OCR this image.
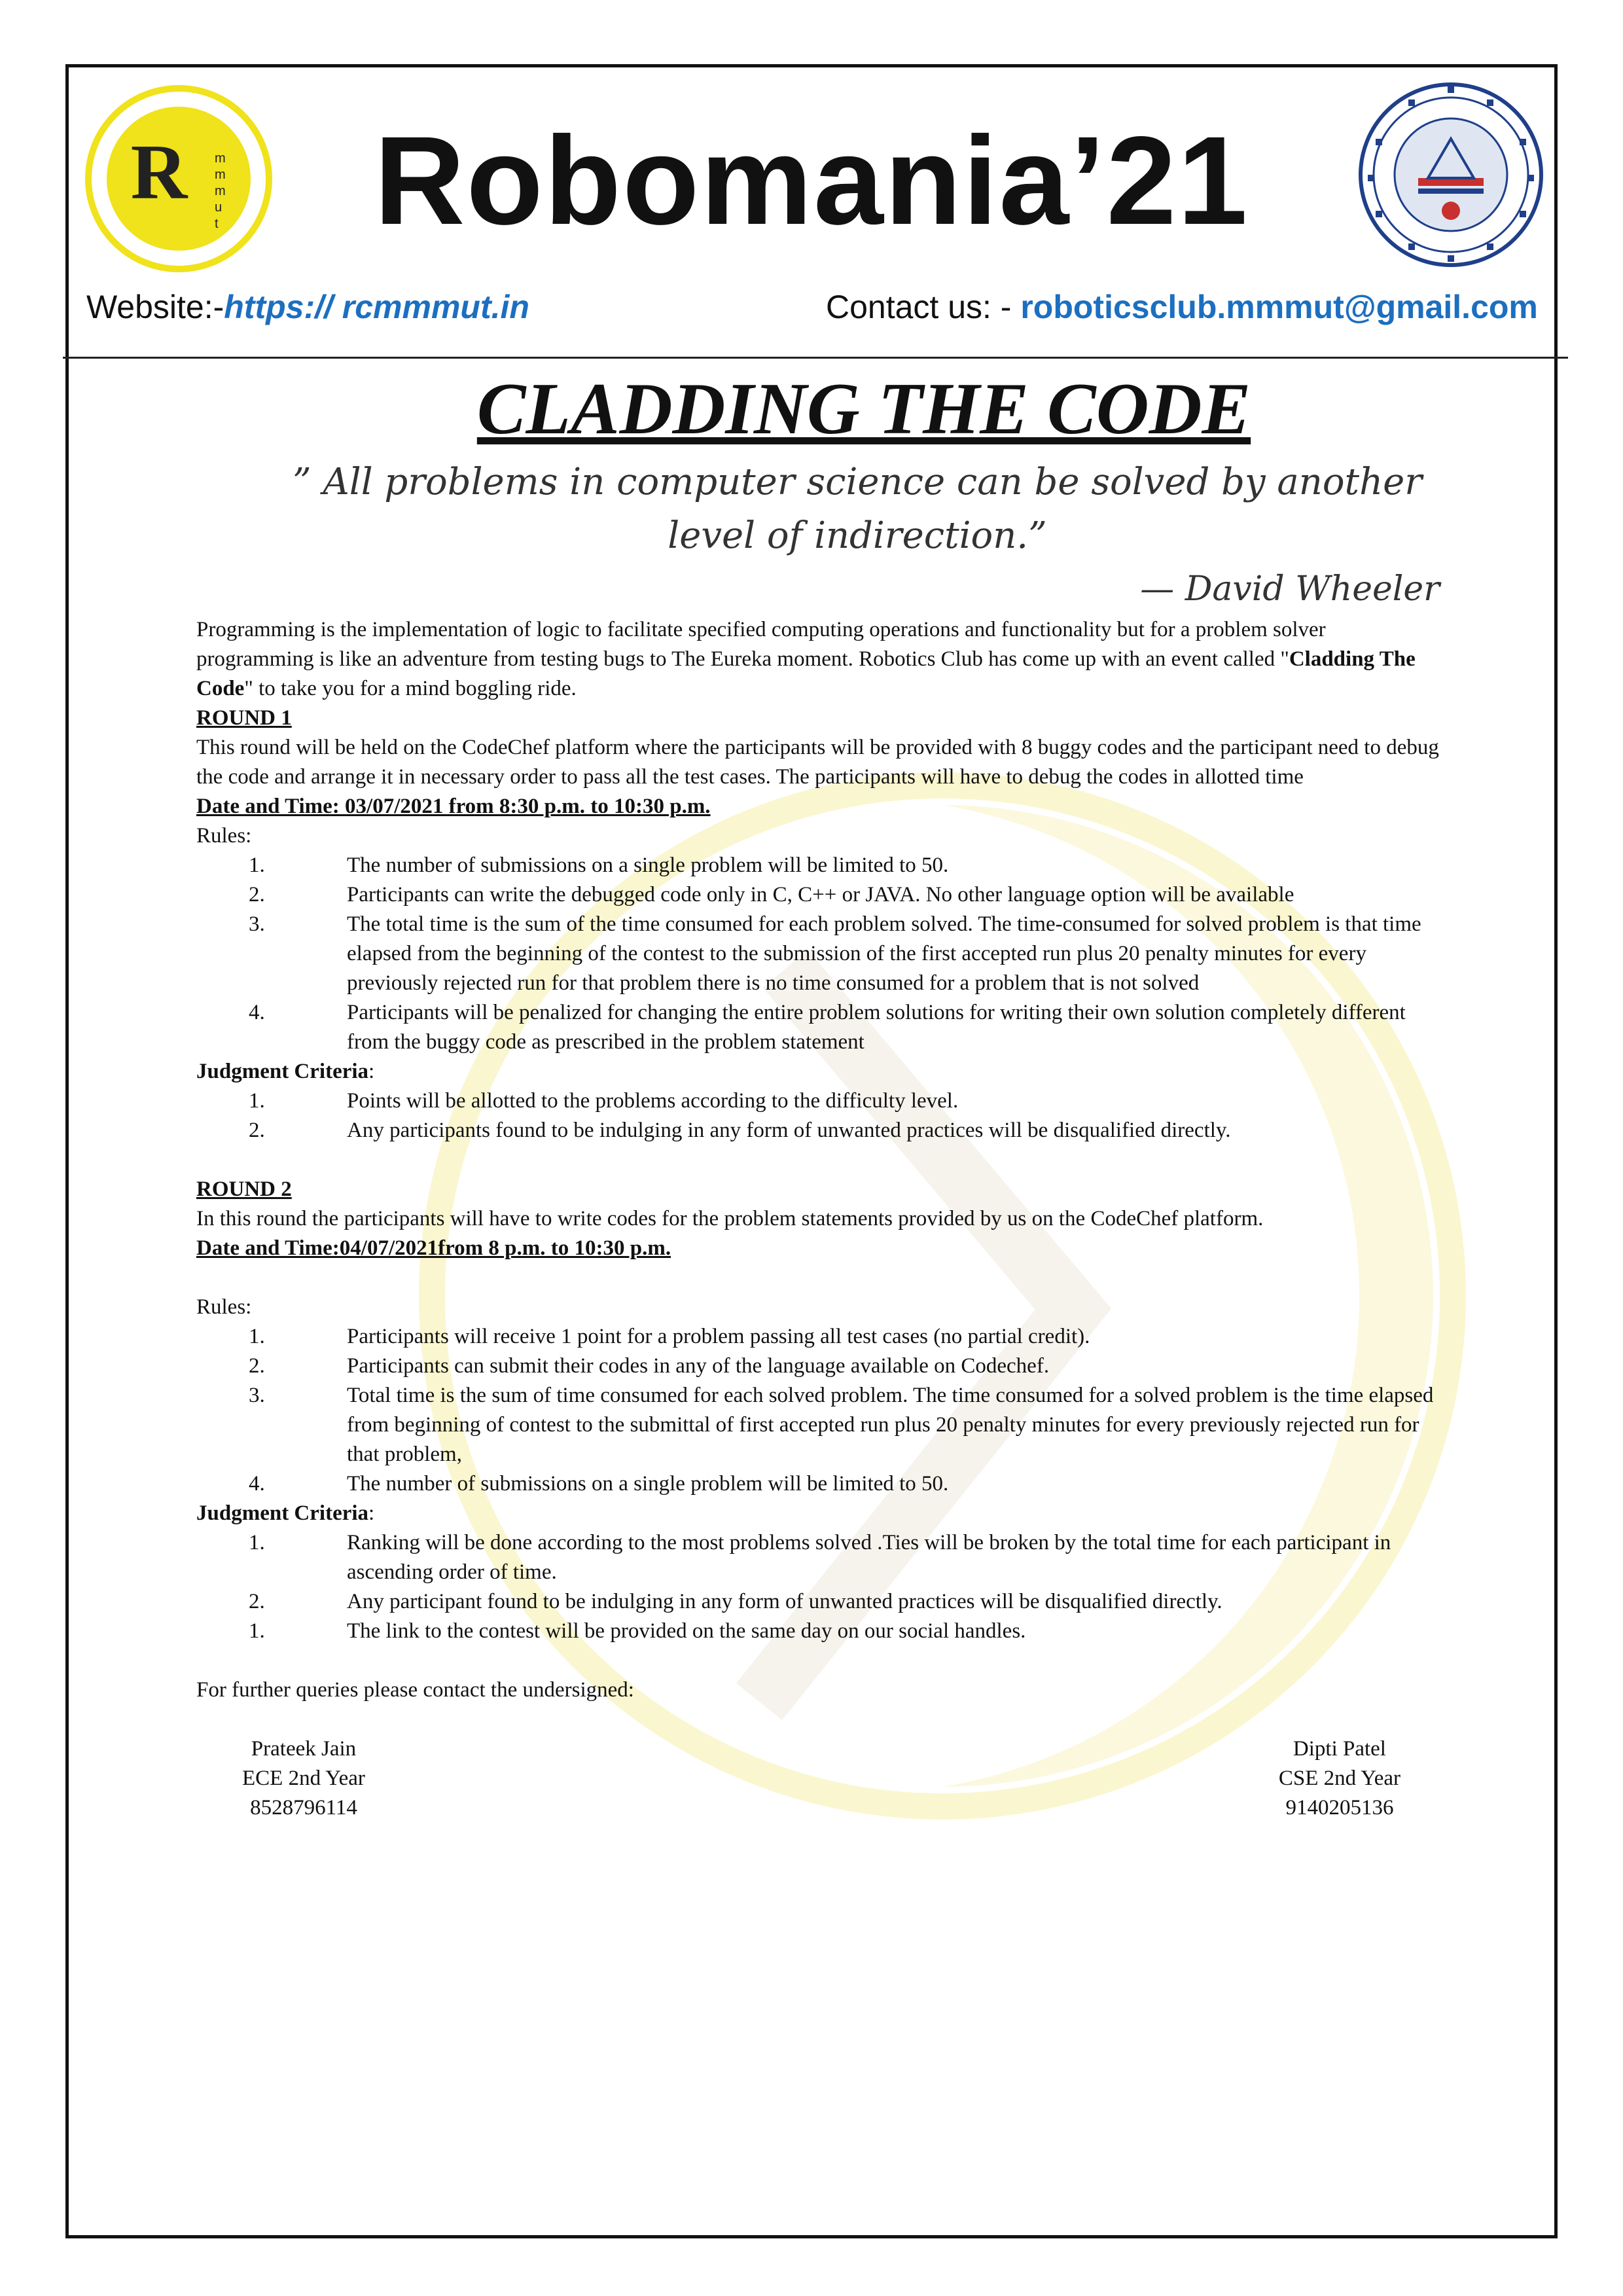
R m
m
m
u
t	Robomania’21
Website:-https:// rcmmmut.in	Contact us: - roboticsclub.mmmut@gmail.com
CLADDING THE CODE
” All problems in computer science can be solved by another level of indirection.”
— David Wheeler

Programming is the implementation of logic to facilitate specified computing operations and functionality but for a problem solver programming is like an adventure from testing bugs to The Eureka moment. Robotics Club has come up with an event called "Cladding The Code" to take you for a mind boggling ride.

ROUND 1

This round will be held on the CodeChef platform where the participants will be provided with 8 buggy codes and the participant need to debug the code and arrange it in necessary order to pass all the test cases. The participants will have to debug the codes in allotted time

Date and Time: 03/07/2021 from 8:30 p.m. to 10:30 p.m.

Rules:

1.	The number of submissions on a single problem will be limited to 50.
2.	Participants can write the debugged code only in C, C++ or JAVA. No other language option will be available
3.	The total time is the sum of the time consumed for each problem solved. The time-consumed for solved problem is that time elapsed from the beginning of the contest to the submission of the first accepted run plus 20 penalty minutes for every previously rejected run for that problem there is no time consumed for a problem that is not solved
4.	Participants will be penalized for changing the entire problem solutions for writing their own solution completely different from the buggy code as prescribed in the problem statement

Judgment Criteria:

1.	Points will be allotted to the problems according to the difficulty level.
2.	Any participants found to be indulging in any form of unwanted practices will be disqualified directly.

ROUND 2

In this round the participants will have to write codes for the problem statements provided by us on the CodeChef platform.

Date and Time:04/07/2021from 8 p.m. to 10:30 p.m.

Rules:

1.	Participants will receive 1 point for a problem passing all test cases (no partial credit).
2.	Participants can submit their codes in any of the language available on Codechef.
3.	Total time is the sum of time consumed for each solved problem. The time consumed for a solved problem is the time elapsed from beginning of contest to the submittal of first accepted run plus 20 penalty minutes for every previously rejected run for that problem,
4.	The number of submissions on a single problem will be limited to 50.

Judgment Criteria:

1.	Ranking will be done according to the most problems solved .Ties will be broken by the total time for each participant in ascending order of time.
2.	Any participant found to be indulging in any form of unwanted practices will be disqualified directly.
1.	The link to the contest will be provided on the same day on our social handles.

For further queries please contact the undersigned:

Prateek Jain
ECE 2nd Year
8528796114
Dipti Patel
CSE 2nd Year
9140205136
